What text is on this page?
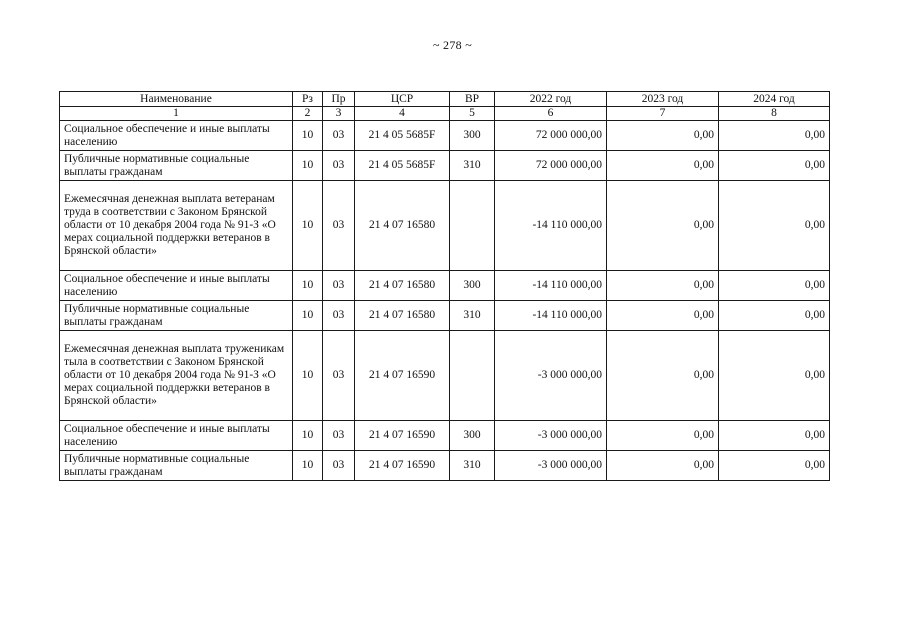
~ 278 ~
Наименование	Рз	Пр	ЦСР	ВР	2022 год	2023 год	2024 год
1	2	3	4	5	6	7	8
Социальное обеспечение и иные выплаты населению	10	03	21 4 05 5685F	300	72 000 000,00	0,00	0,00
Публичные нормативные социальные выплаты гражданам	10	03	21 4 05 5685F	310	72 000 000,00	0,00	0,00
Ежемесячная денежная выплата ветеранам труда в соответствии с Законом Брянской области от 10 декабря 2004 года № 91-З «О мерах социальной поддержки ветеранов в Брянской области»	10	03	21 4 07 16580		-14 110 000,00	0,00	0,00
Социальное обеспечение и иные выплаты населению	10	03	21 4 07 16580	300	-14 110 000,00	0,00	0,00
Публичные нормативные социальные выплаты гражданам	10	03	21 4 07 16580	310	-14 110 000,00	0,00	0,00
Ежемесячная денежная выплата труженикам тыла в соответствии с Законом Брянской области от 10 декабря 2004 года № 91-З «О мерах социальной поддержки ветеранов в Брянской области»	10	03	21 4 07 16590		-3 000 000,00	0,00	0,00
Социальное обеспечение и иные выплаты населению	10	03	21 4 07 16590	300	-3 000 000,00	0,00	0,00
Публичные нормативные социальные выплаты гражданам	10	03	21 4 07 16590	310	-3 000 000,00	0,00	0,00
